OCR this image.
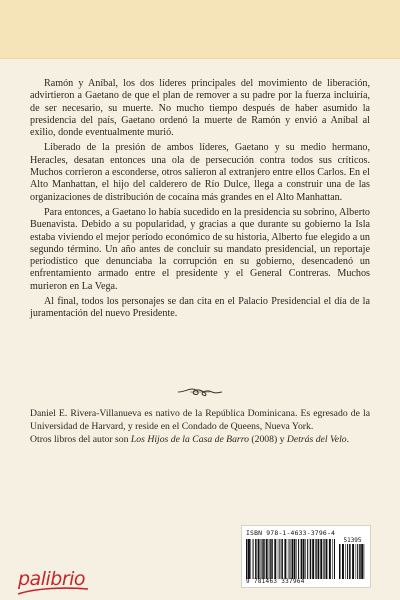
Ramón y Aníbal, los dos líderes principales del movimiento de liberación, advirtieron a Gaetano de que el plan de remover a su padre por la fuerza incluiría, de ser necesario, su muerte. No mucho tiempo después de haber asumido la presidencia del país, Gaetano ordenó la muerte de Ramón y envió a Aníbal al exilio, donde eventualmente murió.

Liberado de la presión de ambos líderes, Gaetano y su medio hermano, Heracles, desatan entonces una ola de persecución contra todos sus críticos. Muchos corrieron a esconderse, otros salieron al extranjero entre ellos Carlos. En el Alto Manhattan, el hijo del calderero de Río Dulce, llega a construir una de las organizaciones de distribución de cocaína más grandes en el Alto Manhattan.

Para entonces, a Gaetano lo había sucedido en la presidencia su sobrino, Alberto Buenavista. Debido a su popularidad, y gracias a que durante su gobierno la Isla estaba viviendo el mejor período económico de su historia, Alberto fue elegido a un segundo término. Un año antes de concluir su mandato presidencial, un reportaje periodístico que denunciaba la corrupción en su gobierno, desencadenó un enfrentamiento armado entre el presidente y el General Contreras. Muchos murieron en La Vega.

Al final, todos los personajes se dan cita en el Palacio Presidencial el día de la juramentación del nuevo Presidente.

Daniel E. Rivera-Villanueva es nativo de la República Dominicana. Es egresado de la Universidad de Harvard, y reside en el Condado de Queens, Nueva York.

Otros libros del autor son Los Hijos de la Casa de Barro (2008) y Detrás del Velo.

palibrio
ISBN 978-1-4633-3796-4
51395
9 781463 337964
